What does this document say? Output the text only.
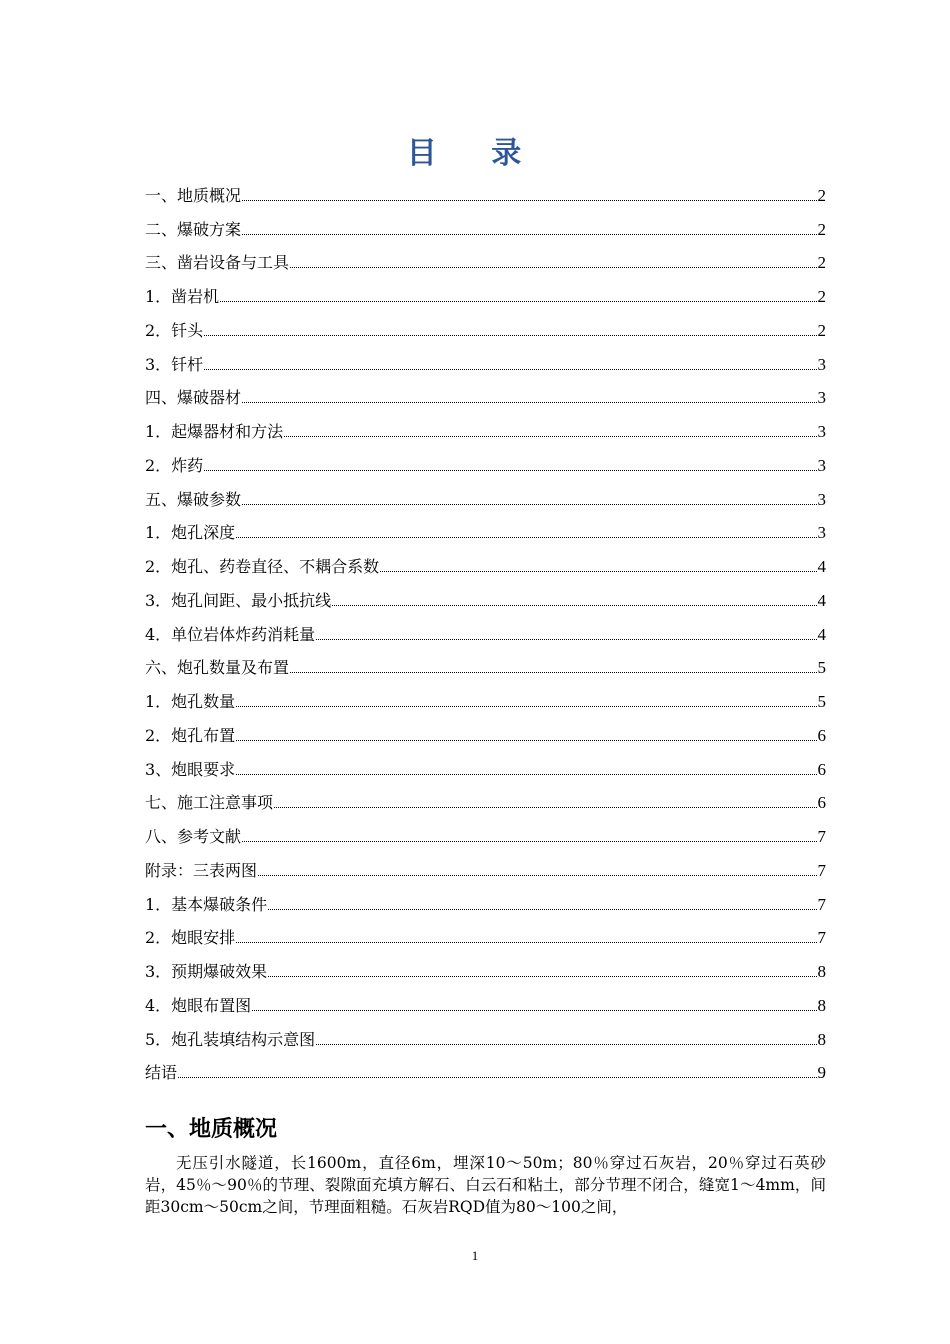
目 录
一、地质概况	2
二、爆破方案	2
三、凿岩设备与工具	2
1．凿岩机	2
2．钎头	2
3．钎杆	3
四、爆破器材	3
1．起爆器材和方法	3
2．炸药	3
五、爆破参数	3
1．炮孔深度	3
2．炮孔、药卷直径、不耦合系数	4
3．炮孔间距、最小抵抗线	4
4．单位岩体炸药消耗量	4
六、炮孔数量及布置	5
1．炮孔数量	5
2．炮孔布置	6
3、炮眼要求	6
七、施工注意事项	6
八、参考文献	7
附录：三表两图	7
1．基本爆破条件	7
2．炮眼安排	7
3．预期爆破效果	8
4．炮眼布置图	8
5．炮孔装填结构示意图	8
结语	9
一、地质概况

无压引水隧道，长1600m，直径6m，埋深10～50m；80％穿过石灰岩，20％穿过石英砂岩，45％～90％的节理、裂隙面充填方解石、白云石和粘土，部分节理不闭合，缝宽1～4mm，间距30cm～50cm之间，节理面粗糙。石灰岩RQD值为80～100之间，

1
